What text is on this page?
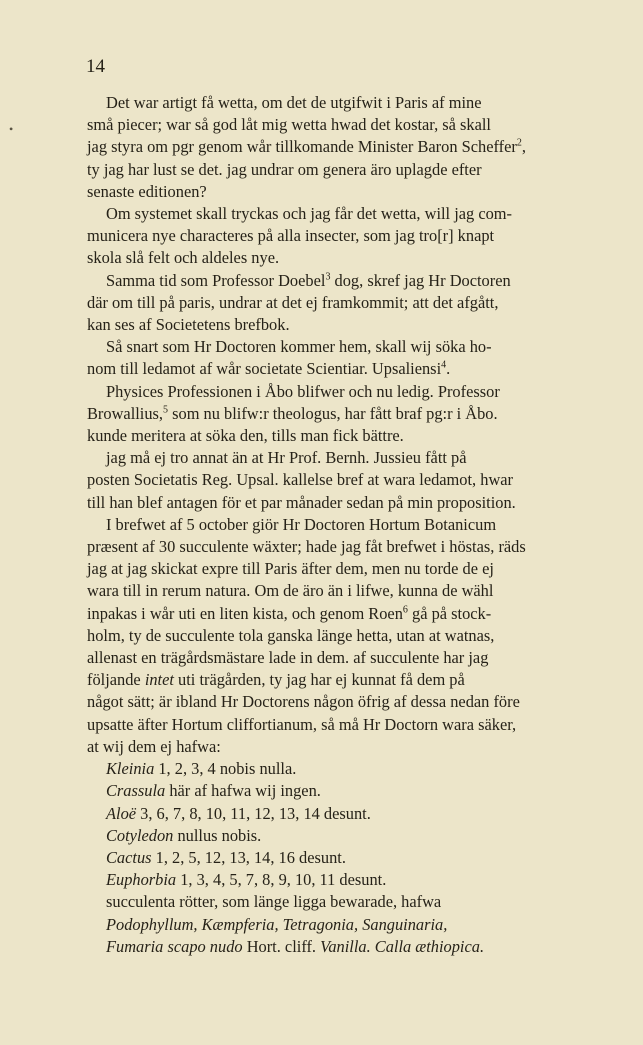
14
•

Det war artigt få wetta, om det de utgifwit i Paris af mine
små piecer; war så god låt mig wetta hwad det kostar, så skall
jag styra om pgr genom wår tillkomande Minister Baron Scheffer$^2$,
ty jag har lust se det. jag undrar om genera äro uplagde efter
senaste editionen?

Om systemet skall tryckas och jag får det wetta, will jag com-
municera nye characteres på alla insecter, som jag tro[r] knapt
skola slå felt och aldeles nye.

Samma tid som Professor Doebel$^3$ dog, skref jag Hr Doctoren
där om till på paris, undrar at det ej framkommit; att det afgått,
kan ses af Societetens brefbok.

Så snart som Hr Doctoren kommer hem, skall wij söka ho-
nom till ledamot af wår societate Scientiar. Upsaliensi$^4$.

Physices Professionen i Åbo blifwer och nu ledig. Professor
Browallius,$^5$ som nu blifw:r theologus, har fått braf pg:r i Åbo.
kunde meritera at söka den, tills man fick bättre.

jag må ej tro annat än at Hr Prof. Bernh. Jussieu fått på
posten Societatis Reg. Upsal. kallelse bref at wara ledamot, hwar
till han blef antagen för et par månader sedan på min proposition.

I brefwet af 5 october giör Hr Doctoren Hortum Botanicum
præsent af 30 succulente wäxter; hade jag fåt brefwet i höstas, räds
jag at jag skickat expre till Paris äfter dem, men nu torde de ej
wara till in rerum natura. Om de äro än i lifwe, kunna de wähl
inpakas i wår uti en liten kista, och genom Roen$^6$ gå på stock-
holm, ty de succulente tola ganska länge hetta, utan at watnas,
allenast en trägårdsmästare lade in dem. af succulente har jag
följande intet uti trägården, ty jag har ej kunnat få dem på
något sätt; är ibland Hr Doctorens någon öfrig af dessa nedan före
upsatte äfter Hortum cliffortianum, så må Hr Doctorn wara säker,
at wij dem ej hafwa:

Kleinia 1, 2, 3, 4 nobis nulla.
Crassula här af hafwa wij ingen.
Aloë 3, 6, 7, 8, 10, 11, 12, 13, 14 desunt.
Cotyledon nullus nobis.
Cactus 1, 2, 5, 12, 13, 14, 16 desunt.
Euphorbia 1, 3, 4, 5, 7, 8, 9, 10, 11 desunt.
succulenta rötter, som länge ligga bewarade, hafwa
Podophyllum, Kæmpferia, Tetragonia, Sanguinaria,
Fumaria scapo nudo Hort. cliff. Vanilla. Calla æthiopica.
